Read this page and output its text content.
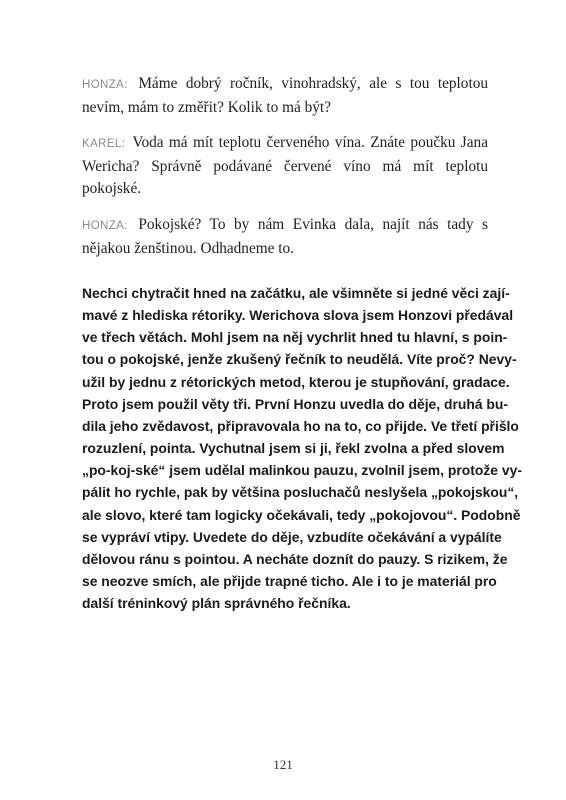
HONZA: Máme dobrý ročník, vinohradský, ale s tou teplotou nevím, mám to změřit? Kolik to má být?

KAREL: Voda má mít teplotu červeného vína. Znáte poučku Jana Wericha? Správně podávané červené víno má mít teplotu pokojské.

HONZA: Pokojské? To by nám Evinka dala, najít nás tady s nějakou ženštinou. Odhadneme to.

Nechci chytračit hned na začátku, ale všimněte si jedné věci zají-
mavé z hlediska rétoriky. Werichova slova jsem Honzovi předával
ve třech větách. Mohl jsem na něj vychrlit hned tu hlavní, s poin-
tou o pokojské, jenže zkušený řečník to neudělá. Víte proč? Nevy-
užil by jednu z rétorických metod, kterou je stupňování, gradace.
Proto jsem použil věty tři. První Honzu uvedla do děje, druhá bu-
dila jeho zvědavost, připravovala ho na to, co přijde. Ve třetí přišlo
rozuzlení, pointa. Vychutnal jsem si ji, řekl zvolna a před slovem
„po-koj-ské“ jsem udělal malinkou pauzu, zvolnil jsem, protože vy-
pálit ho rychle, pak by většina posluchačů neslyšela „pokojskou“,
ale slovo, které tam logicky očekávali, tedy „pokojovou“. Podobně
se vypráví vtipy. Uvedete do děje, vzbudíte očekávání a vypálíte
dělovou ránu s pointou. A necháte doznít do pauzy. S rizikem, že
se neozve smích, ale přijde trapné ticho. Ale i to je materiál pro
další tréninkový plán správného řečníka.
121
